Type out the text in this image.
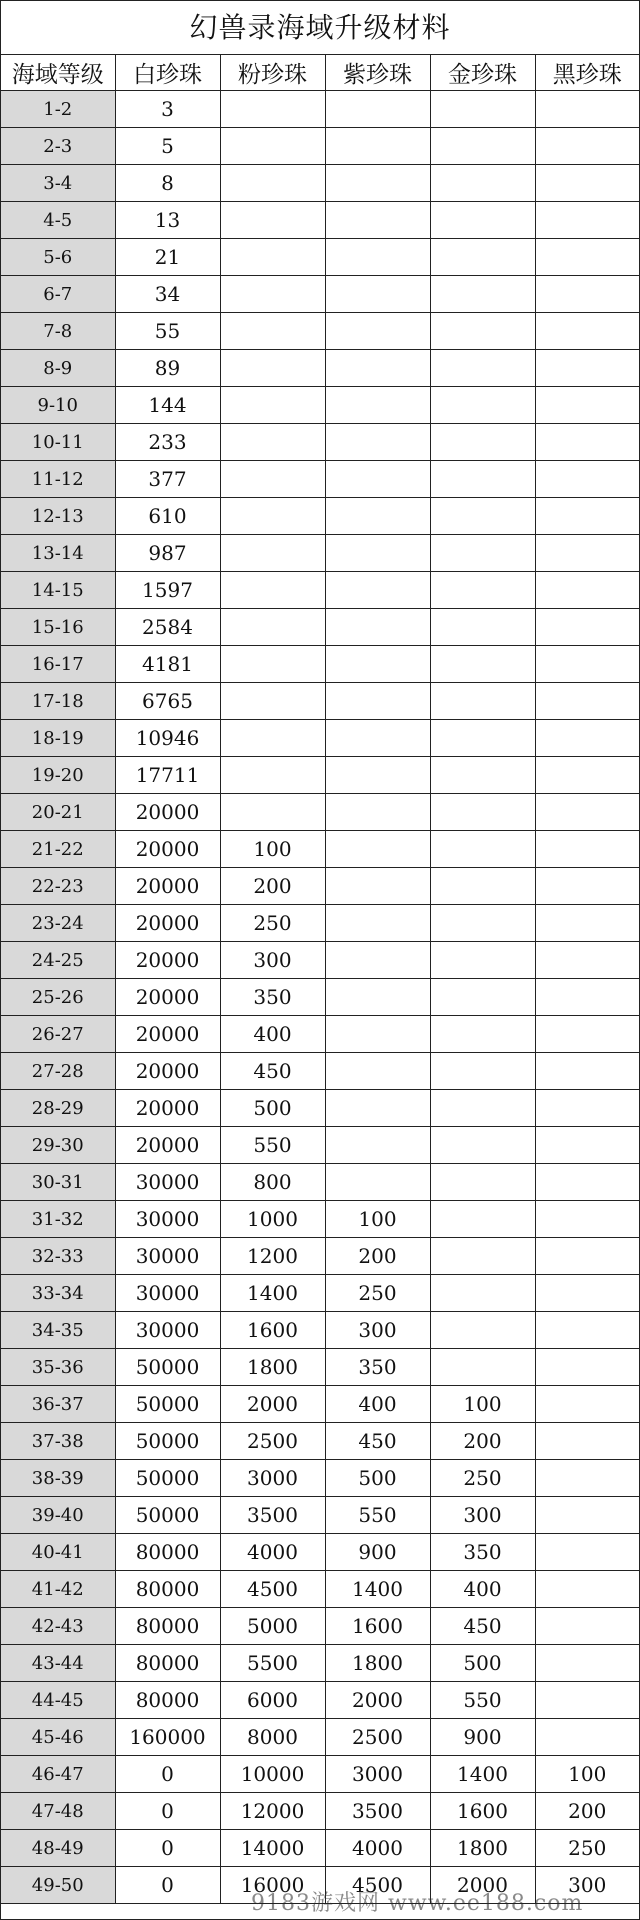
幻兽录海域升级材料
海域等级	白珍珠	粉珍珠	紫珍珠	金珍珠	黑珍珠
1-2	3				
2-3	5				
3-4	8				
4-5	13				
5-6	21				
6-7	34				
7-8	55				
8-9	89				
9-10	144				
10-11	233				
11-12	377				
12-13	610				
13-14	987				
14-15	1597				
15-16	2584				
16-17	4181				
17-18	6765				
18-19	10946				
19-20	17711				
20-21	20000				
21-22	20000	100			
22-23	20000	200			
23-24	20000	250			
24-25	20000	300			
25-26	20000	350			
26-27	20000	400			
27-28	20000	450			
28-29	20000	500			
29-30	20000	550			
30-31	30000	800			
31-32	30000	1000	100		
32-33	30000	1200	200		
33-34	30000	1400	250		
34-35	30000	1600	300		
35-36	50000	1800	350		
36-37	50000	2000	400	100	
37-38	50000	2500	450	200	
38-39	50000	3000	500	250	
39-40	50000	3500	550	300	
40-41	80000	4000	900	350	
41-42	80000	4500	1400	400	
42-43	80000	5000	1600	450	
43-44	80000	5500	1800	500	
44-45	80000	6000	2000	550	
45-46	160000	8000	2500	900	
46-47	0	10000	3000	1400	100
47-48	0	12000	3500	1600	200
48-49	0	14000	4000	1800	250
49-50	0	16000	4500	2000	300
9183游戏网 www.ee188.com
